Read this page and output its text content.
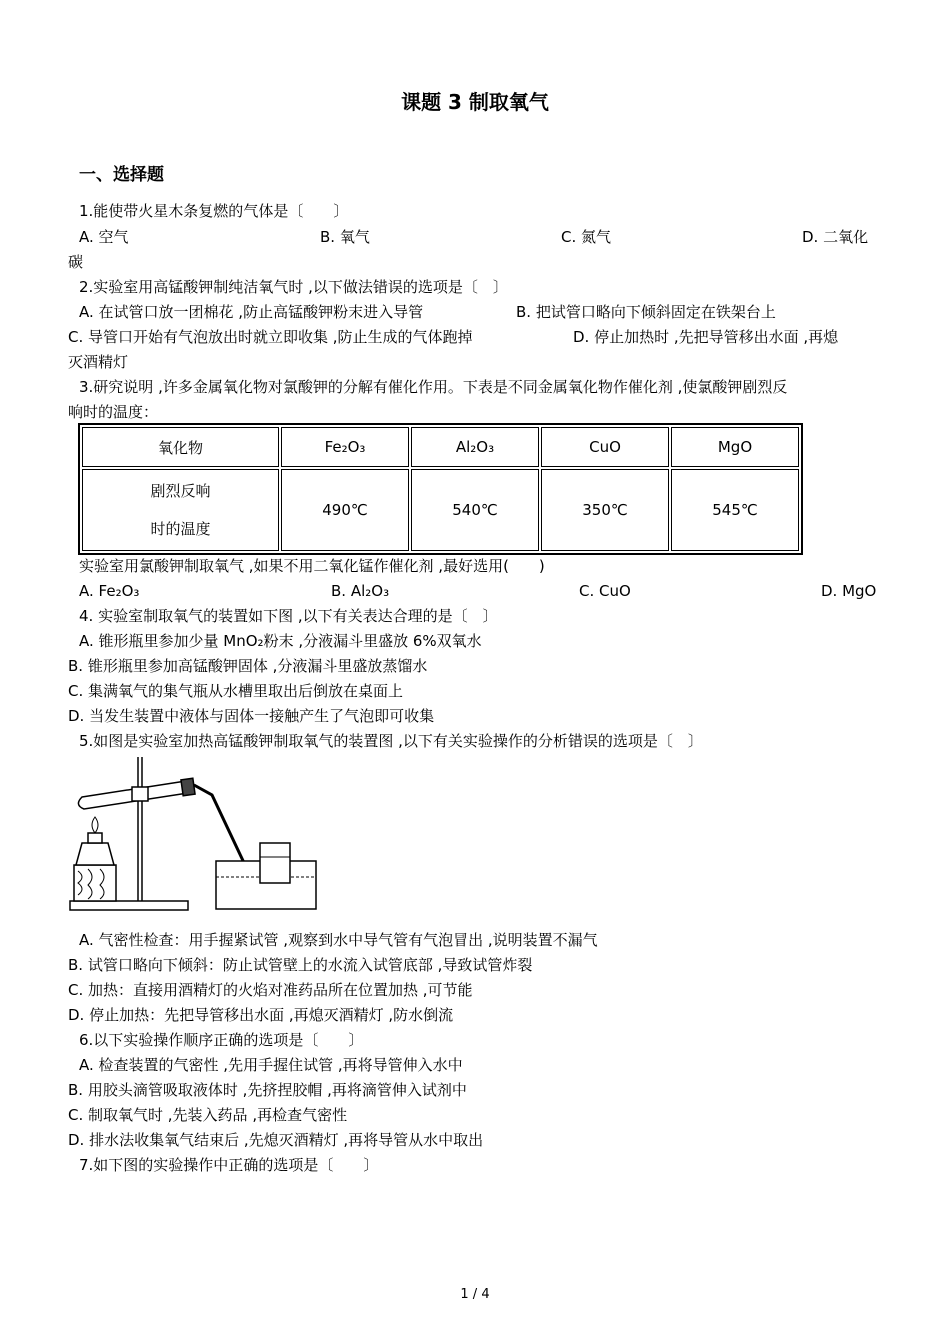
课题 3 制取氧气
一、选择题
1.能使带火星木条复燃的气体是〔　　〕
A. 空气	B. 氧气	C. 氮气	D. 二氧化
碳
2.实验室用高锰酸钾制纯洁氧气时 ,以下做法错误的选项是〔　〕
A. 在试管口放一团棉花 ,防止高锰酸钾粉末进入导管	B. 把试管口略向下倾斜固定在铁架台上
C. 导管口开始有气泡放出时就立即收集 ,防止生成的气体跑掉	D. 停止加热时 ,先把导管移出水面 ,再熄
灭酒精灯
3.研究说明 ,许多金属氧化物对氯酸钾的分解有催化作用。下表是不同金属氧化物作催化剂 ,使氯酸钾剧烈反
响时的温度：
氧化物	Fe₂O₃	Al₂O₃	CuO	MgO
剧烈反响
时的温度	490℃	540℃	350℃	545℃
实验室用氯酸钾制取氧气 ,如果不用二氧化锰作催化剂 ,最好选用(　　)
A. Fe₂O₃	B. Al₂O₃	C. CuO	D. MgO
4. 实验室制取氧气的装置如下图 ,以下有关表达合理的是〔　〕
A. 锥形瓶里参加少量 MnO₂粉末 ,分液漏斗里盛放 6%双氧水
B. 锥形瓶里参加高锰酸钾固体 ,分液漏斗里盛放蒸馏水
C. 集满氧气的集气瓶从水槽里取出后倒放在桌面上
D. 当发生装置中液体与固体一接触产生了气泡即可收集
5.如图是实验室加热高锰酸钾制取氧气的装置图 ,以下有关实验操作的分析错误的选项是〔　〕
A. 气密性检查：用手握紧试管 ,观察到水中导气管有气泡冒出 ,说明装置不漏气
B. 试管口略向下倾斜：防止试管壁上的水流入试管底部 ,导致试管炸裂
C. 加热：直接用酒精灯的火焰对准药品所在位置加热 ,可节能
D. 停止加热：先把导管移出水面 ,再熄灭酒精灯 ,防水倒流
6.以下实验操作顺序正确的选项是〔　　〕
A. 检查装置的气密性 ,先用手握住试管 ,再将导管伸入水中
B. 用胶头滴管吸取液体时 ,先挤捏胶帽 ,再将滴管伸入试剂中
C. 制取氧气时 ,先装入药品 ,再检查气密性
D. 排水法收集氧气结束后 ,先熄灭酒精灯 ,再将导管从水中取出
7.如下图的实验操作中正确的选项是〔　　〕
1 / 4
